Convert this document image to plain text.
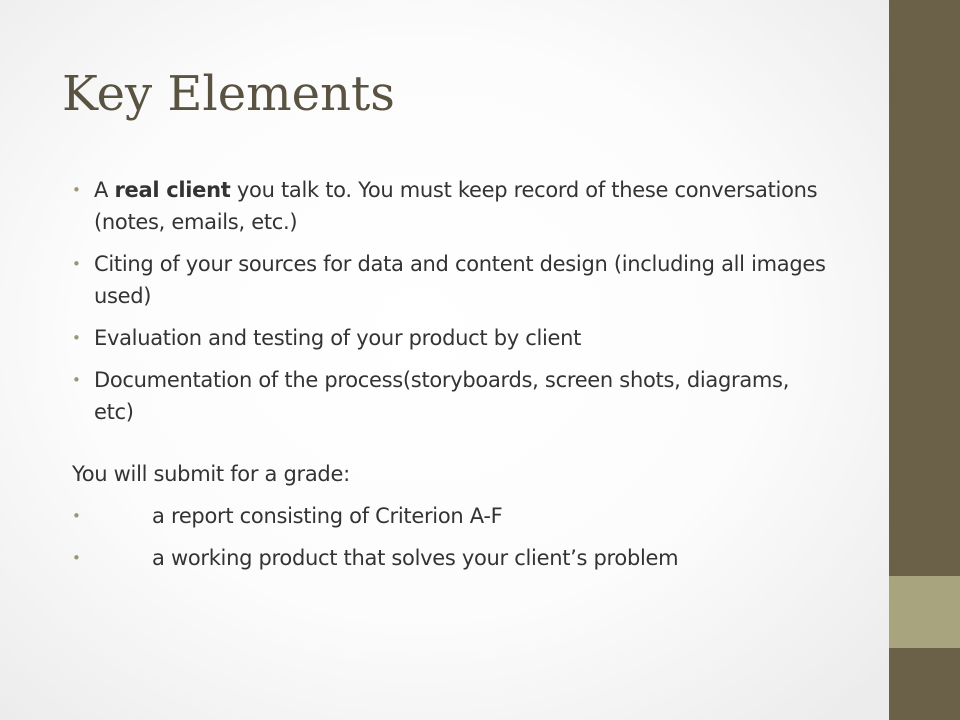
Key Elements
• A real client you talk to. You must keep record of these conversations (notes, emails, etc.)
• Citing of your sources for data and content design (including all images used)
• Evaluation and testing of your product by client
• Documentation of the process(storyboards, screen shots, diagrams, etc)
You will submit for a grade:
•	a report consisting of Criterion A-F
•	a working product that solves your client’s problem
